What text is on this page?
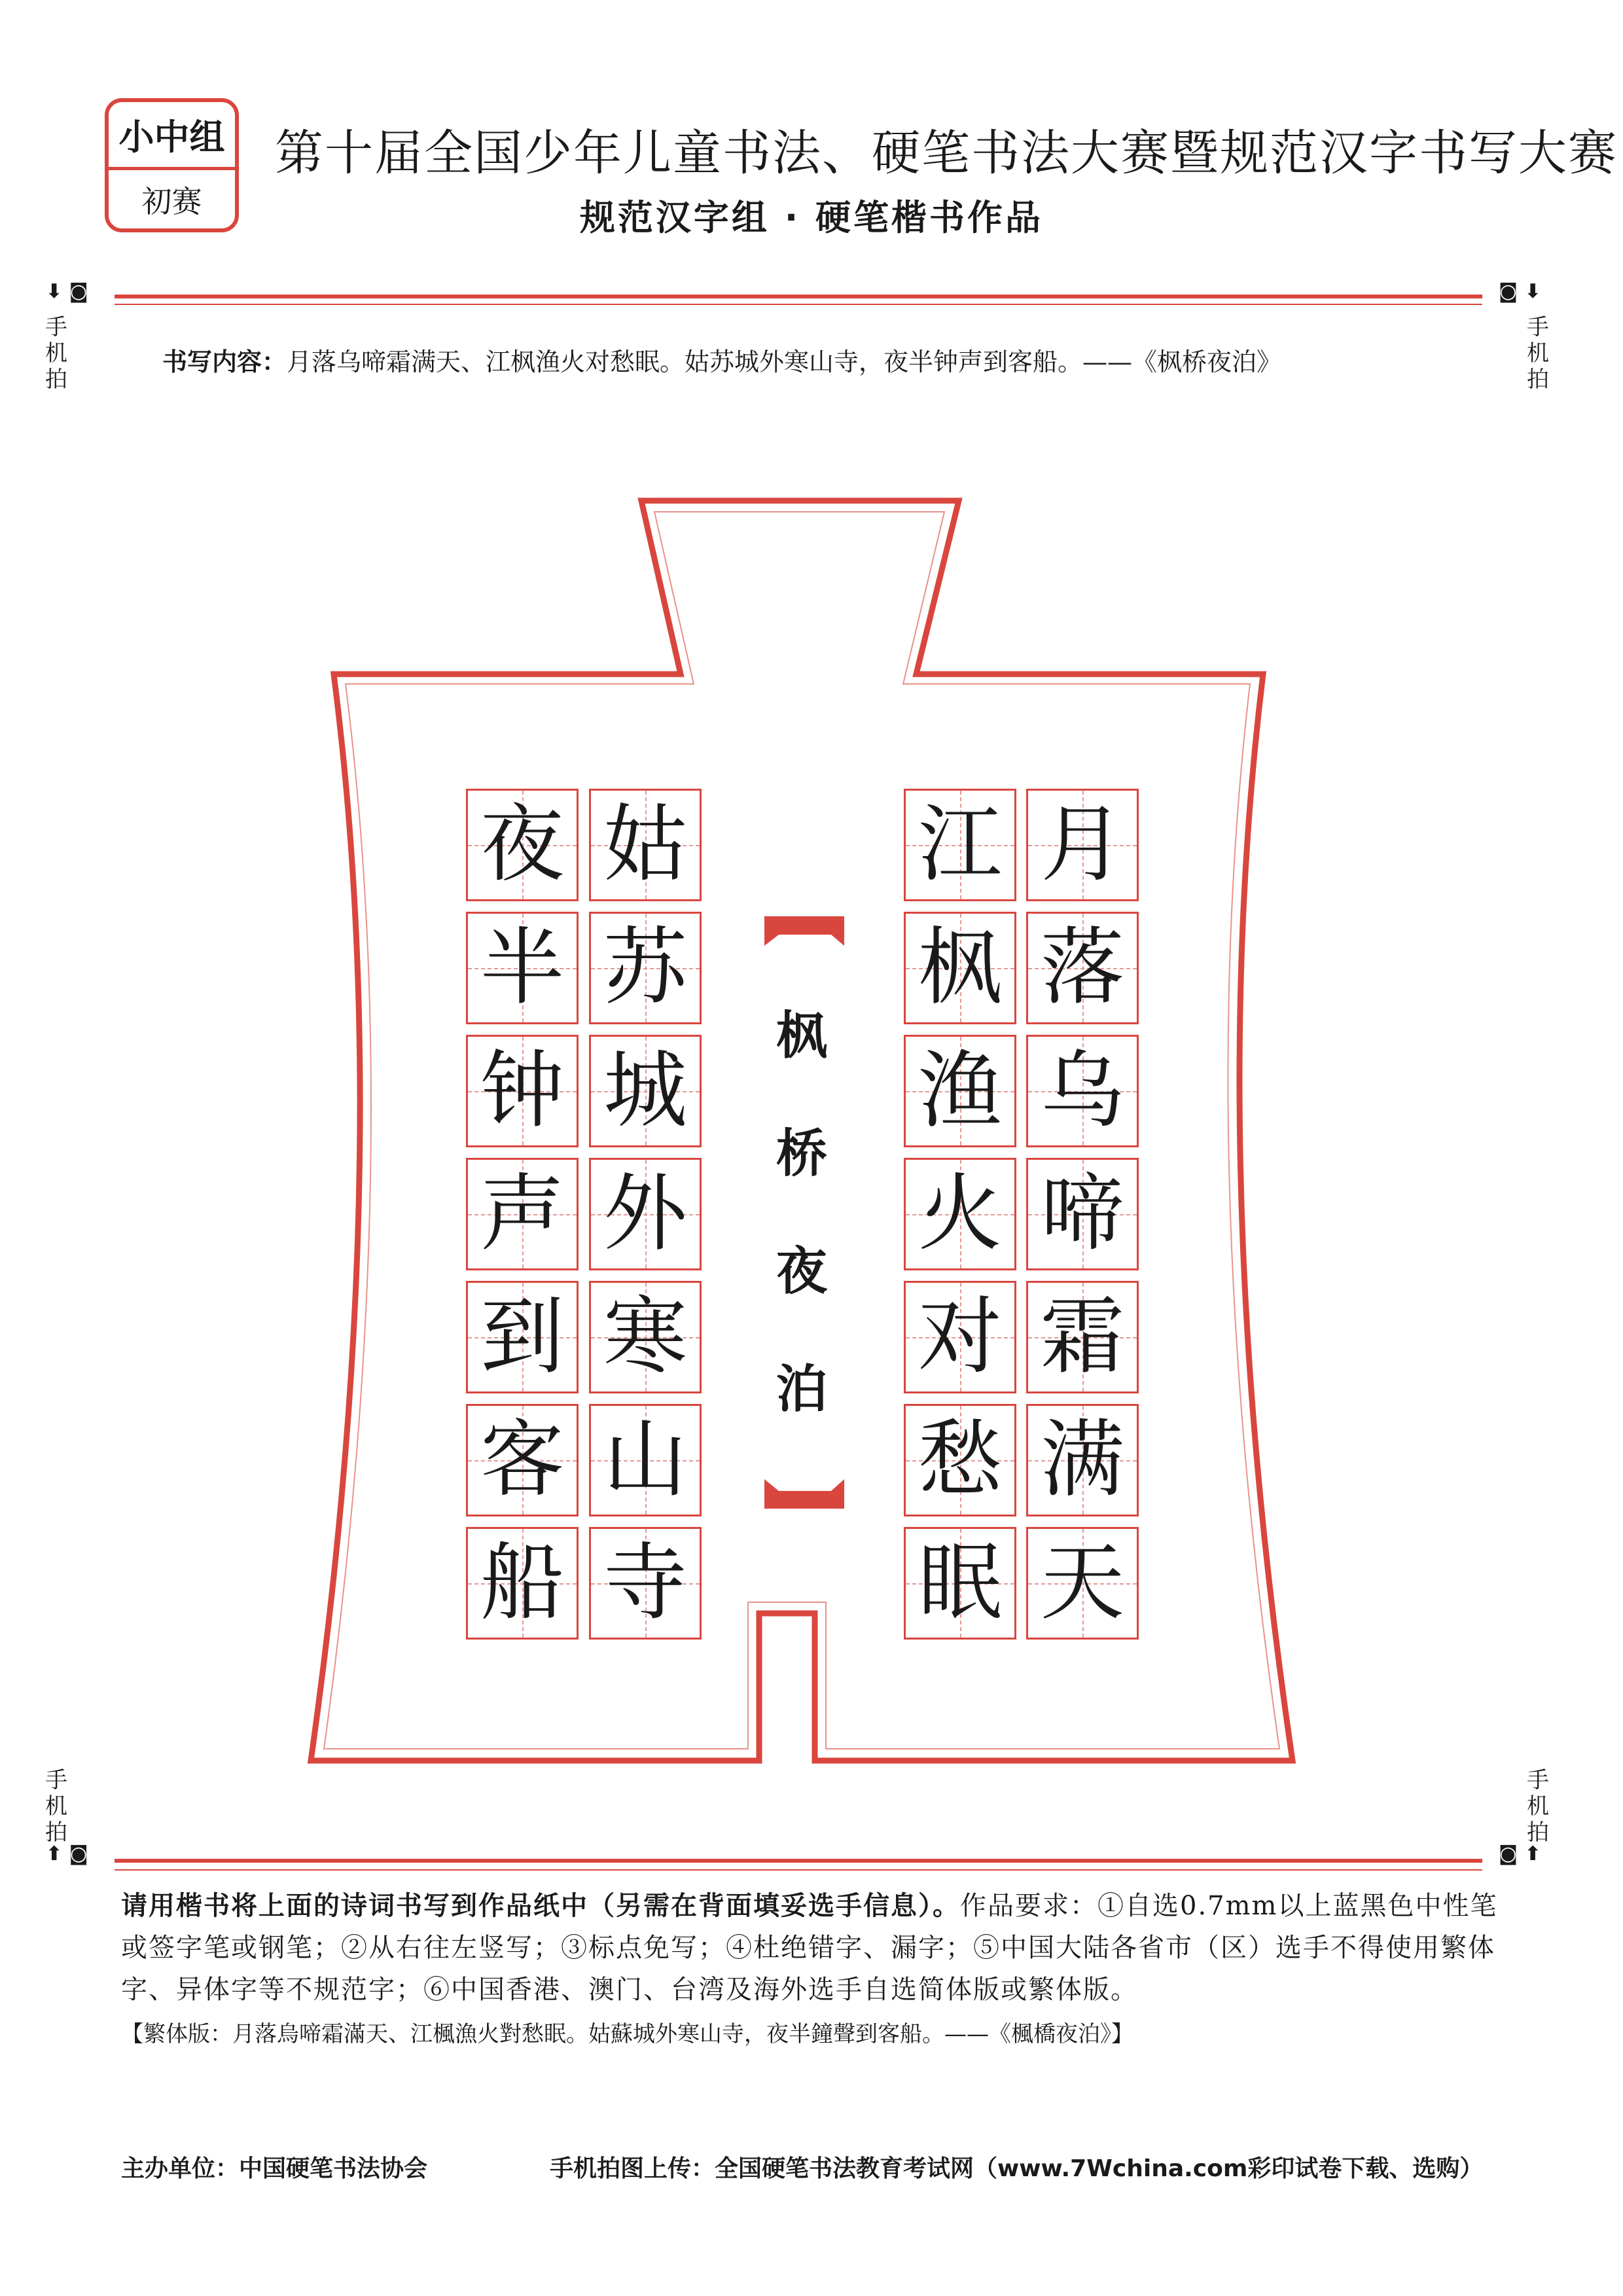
小中组
初赛
第十届全国少年儿童书法、硬笔书法大赛暨规范汉字书写大赛
规范汉字组 · 硬笔楷书作品
⬇ ◙
手机拍
◙ ⬇
手机拍
书写内容：月落乌啼霜满天、江枫渔火对愁眠。姑苏城外寒山寺，夜半钟声到客船。——《枫桥夜泊》
月
落
乌
啼
霜
满
天
江
枫
渔
火
对
愁
眠
姑
苏
城
外
寒
山
寺
夜
半
钟
声
到
客
船
枫
桥
夜
泊
手机拍
⬆ ◙
手机拍
◙ ⬆
请用楷书将上面的诗词书写到作品纸中（另需在背面填妥选手信息）。作品要求：①自选0.7mm以上蓝黑色中性笔或签字笔或钢笔；②从右往左竖写；③标点免写；④杜绝错字、漏字；⑤中国大陆各省市（区）选手不得使用繁体字、异体字等不规范字；⑥中国香港、澳门、台湾及海外选手自选简体版或繁体版。
【繁体版：月落烏啼霜滿天、江楓漁火對愁眠。姑蘇城外寒山寺，夜半鐘聲到客船。——《楓橋夜泊》】
主办单位：中国硬笔书法协会	手机拍图上传：全国硬笔书法教育考试网（www.7Wchina.com彩印试卷下载、选购）
